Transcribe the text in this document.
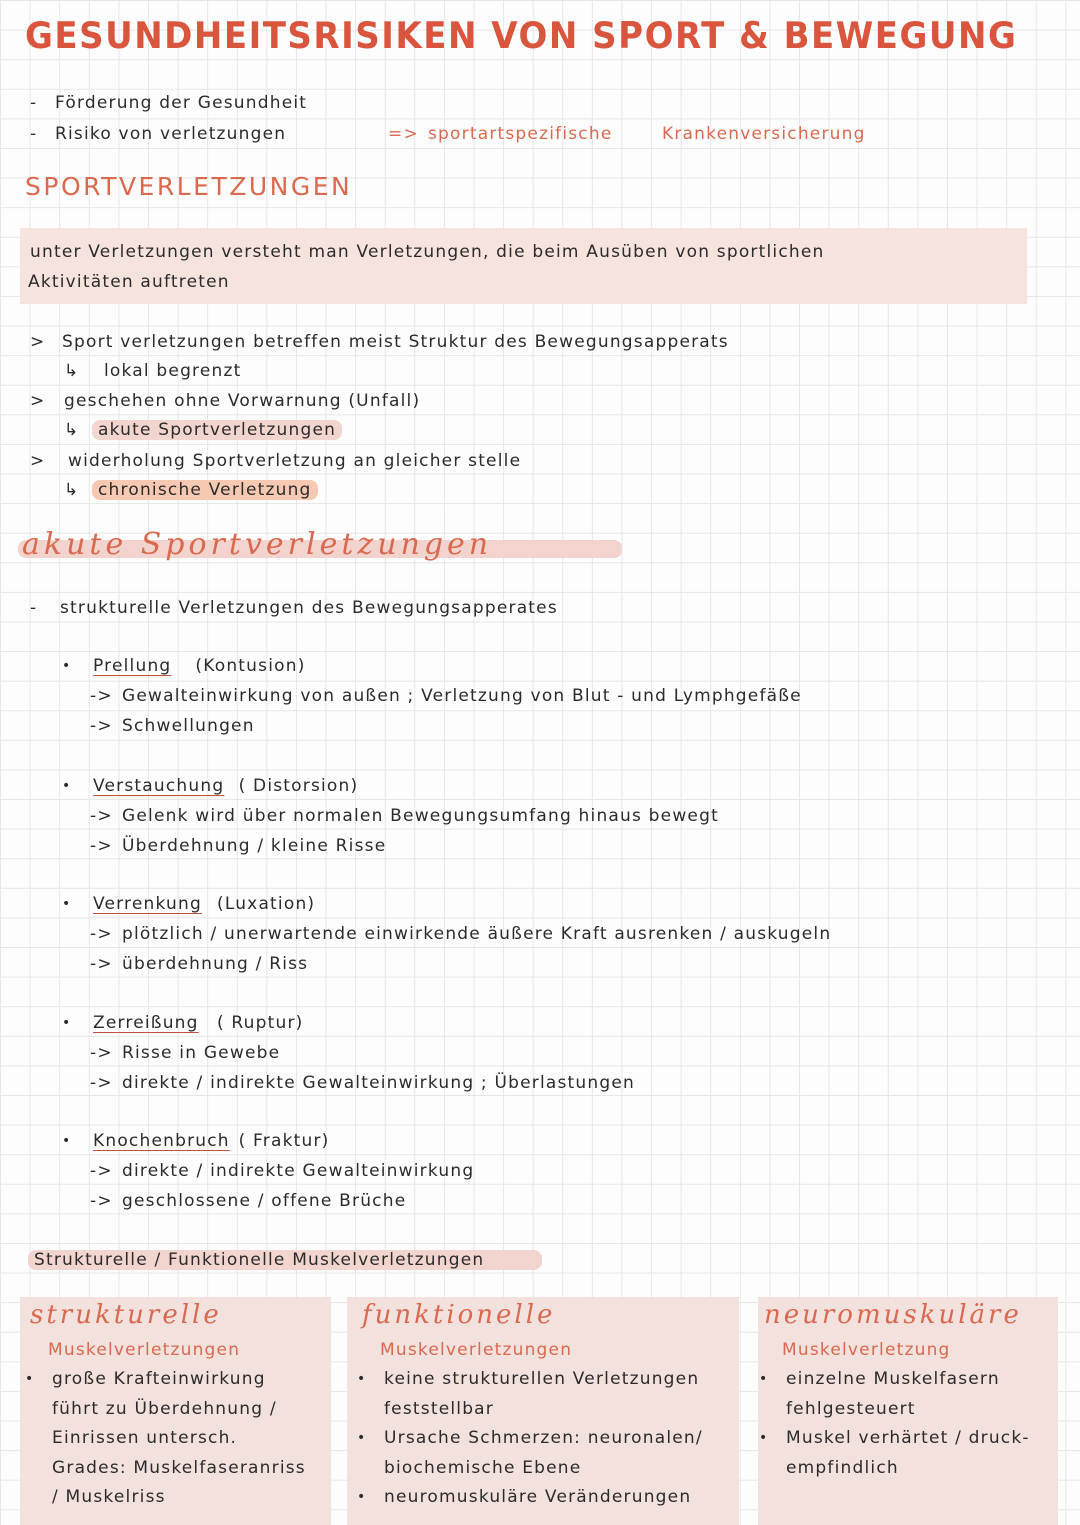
GESUNDHEITSRISIKEN VON SPORT & BEWEGUNG
- Förderung der Gesundheit
- Risiko von verletzungen	=> sportartspezifische	Krankenversicherung
SPORTVERLETZUNGEN
unter Verletzungen versteht man Verletzungen, die beim Ausüben von sportlichen
Aktivitäten auftreten
> Sport verletzungen betreffen meist Struktur des Bewegungsapperats
↳ lokal begrenzt
> geschehen ohne Vorwarnung (Unfall)
↳	akute Sportverletzungen
> widerholung Sportverletzung an gleicher stelle
↳	chronische Verletzung
akute Sportverletzungen
- strukturelle Verletzungen des Bewegungsapperates
• Prellung (Kontusion)
-> Gewalteinwirkung von außen ; Verletzung von Blut - und Lymphgefäße
-> Schwellungen
• Verstauchung ( Distorsion)
-> Gelenk wird über normalen Bewegungsumfang hinaus bewegt
-> Überdehnung / kleine Risse
• Verrenkung (Luxation)
-> plötzlich / unerwartende einwirkende äußere Kraft ausrenken / auskugeln
-> überdehnung / Riss
• Zerreißung ( Ruptur)
-> Risse in Gewebe
-> direkte / indirekte Gewalteinwirkung ; Überlastungen
• Knochenbruch ( Fraktur)
-> direkte / indirekte Gewalteinwirkung
-> geschlossene / offene Brüche
Strukturelle / Funktionelle Muskelverletzungen
strukturelle
Muskelverletzungen
große Krafteinwirkung
führt zu Überdehnung /
Einrissen untersch.
Grades: Muskelfaseranriss
/ Muskelriss
•
funktionelle
Muskelverletzungen
keine strukturellen Verletzungen
feststellbar
Ursache Schmerzen: neuronalen/
biochemische Ebene
neuromuskuläre Veränderungen
•
•
•
neuromuskuläre
Muskelverletzung
einzelne Muskelfasern
fehlgesteuert
Muskel verhärtet / druck-
empfindlich
•
•
